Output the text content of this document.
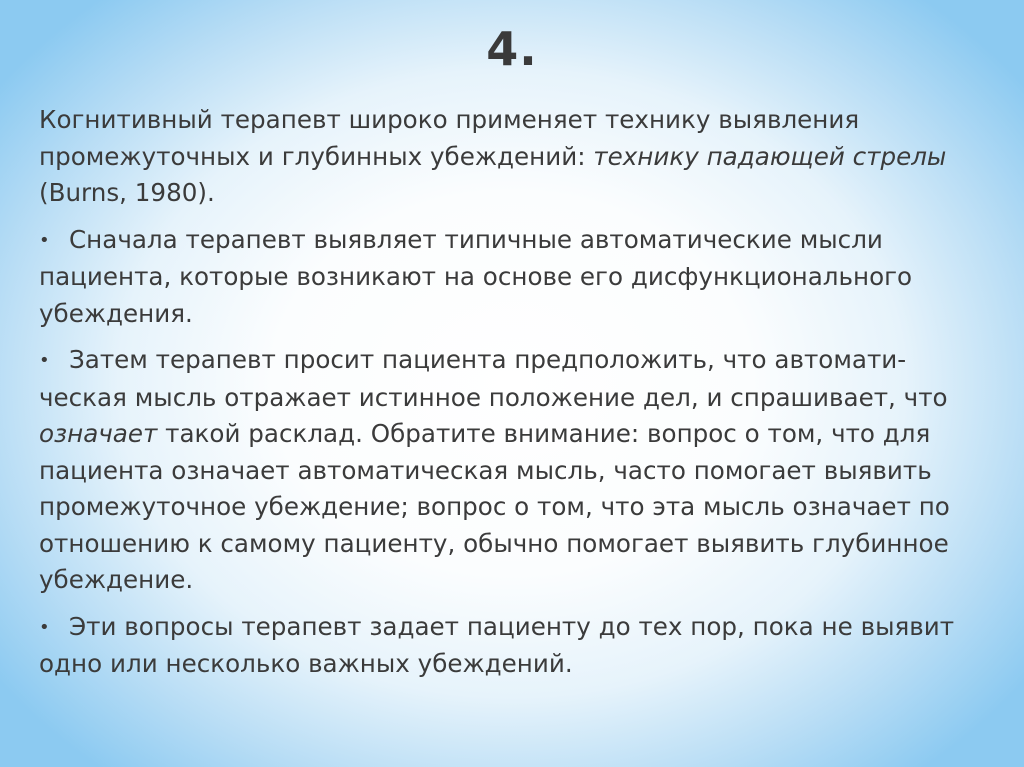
4.

Когнитивный терапевт широко применяет технику выявления промежуточных и глубинных убеждений: технику падающей стрелы (Burns, 1980).

• Сначала терапевт выявляет типичные автоматические мысли пациента, которые возникают на основе его дисфункционального убеждения.

• Затем терапевт просит пациента предположить, что автомати-ческая мысль отражает истинное положение дел, и спрашивает, что означает такой расклад. Обратите внимание: вопрос о том, что для пациента означает автоматическая мысль, часто помогает выявить промежуточное убеждение; вопрос о том, что эта мысль означает по отношению к самому пациенту, обычно помогает выявить глубинное убеждение.

• Эти вопросы терапевт задает пациенту до тех пор, пока не выявит одно или несколько важных убеждений.
